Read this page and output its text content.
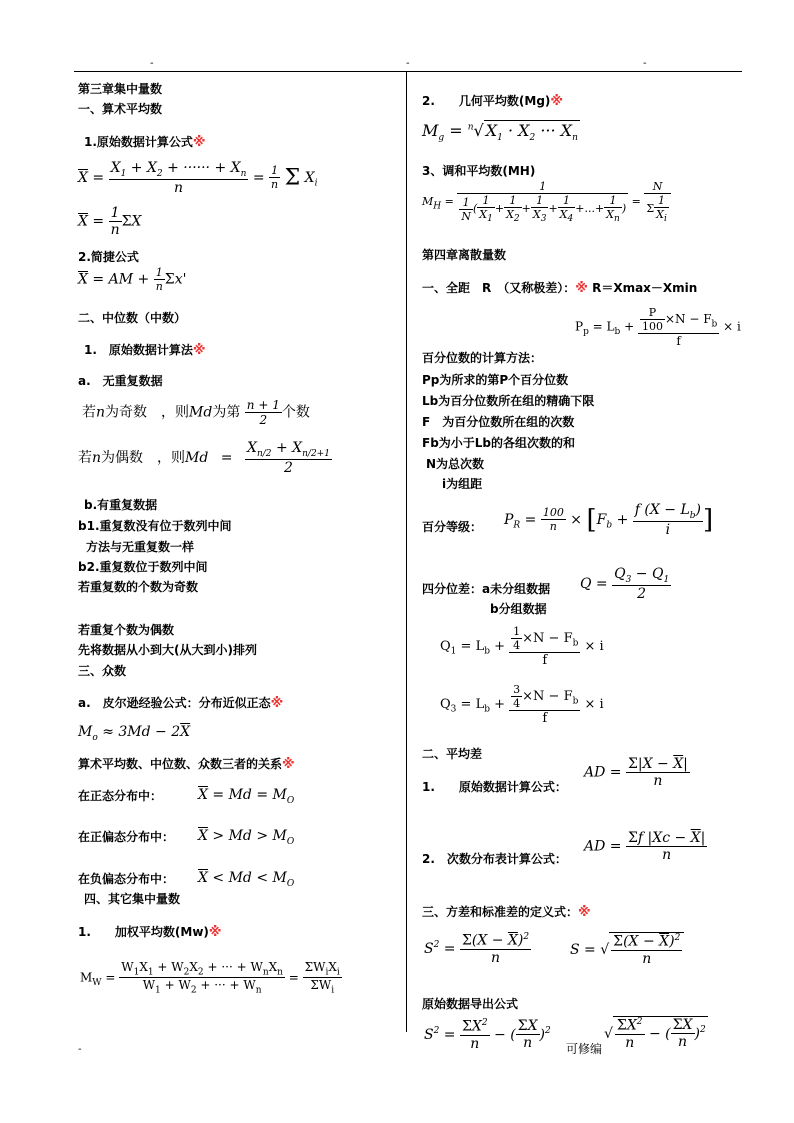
-	-	-
-
第三章集中量数
一、算术平均数
1.原始数据计算公式※
$\overline{X} = \frac{X_1 + X_2 + \cdot\cdot\cdot\cdot\cdot\cdot + X_n}{n} = \frac{1}{n}$ Σ $X_i$
$\overline{X} = \frac{1}{n}$ ΣX
2.简捷公式
$\overline{X}$ = AM + $\frac{1}{n} \Sigma x'$
二、中位数（中数）
1.　原始数据计算法※
a.　无重复数据
若n为奇数　，则Md为第 $\frac{n + 1}{2}$ 个数
若n为偶数　，则$Md = \frac{X_{n/2} + X_{n/2+1}}{2}$
b.有重复数据
b1.重复数没有位于数列中间
方法与无重复数一样
b2.重复数位于数列中间
若重复数的个数为奇数
若重复个数为偶数
先将数据从小到大(从大到小)排列
三、众数
a.　皮尔逊经验公式：分布近似正态※
$M_o \approx 3Md - 2\overline{X}$
算术平均数、中位数、众数三者的关系※
在正态分布中：	$\overline{X} = Md = M_O$
在正偏态分布中： $\overline{X} > Md > M_O$
在负偏态分布中： $\overline{X} < Md < M_O$
四、其它集中量数
1.　　加权平均数(Mw)※
$M_W = \frac{W_1X_1 + W_2X_2 + \cdot\cdot\cdot + W_nX_n}{W_1 + W_2 + \cdot\cdot\cdot + W_n} = \frac{\Sigma W_iX_i}{\Sigma W_i}$
2.　　几何平均数(Mg)※
$M_g = ^n√$ $X_1 \cdot X_2$ ··· $X_n$
3、调和平均数(MH)
$M_H = \frac{1}{\frac{1}{N} ( \frac{1}{X_1} + \frac{1}{X_2} + \frac{1}{X_3} + \frac{1}{X_4} +...+ \frac{1}{X_n} )} = \frac{N}{\Sigma \frac{1}{X_i}}$
第四章离散量数
一、全距　R　（又称极差）：※ R＝Xmax－Xmin
$P_p = L_b + \frac{\frac{P}{100} \times N - F_b}{f} \times i$
百分位数的计算方法：
Pp为所求的第P个百分位数
Lb为百分位数所在组的精确下限
F　为百分位数所在组的次数
Fb为小于Lb的各组次数的和
N为总次数
i为组距
百分等级： $P_R = \frac{100}{n} \times [F_b + \frac{f (X - L_b)}{i}$ ]
四分位差：a未分组数据 $Q = \frac{Q_3 - Q_1}{2}$
b分组数据
$Q_1 = L_b + \frac{\frac{1}{4} \times N - F_b}{f} \times i$
$Q_3 = L_b + \frac{\frac{3}{4} \times N - F_b}{f} \times i$
二、平均差
1.　　原始数据计算公式：
AD = $\frac{\Sigma|X - \overline{X}|}{n}$
2.　次数分布表计算公式：
AD = $\frac{\Sigma f |Xc - \overline{X}|}{n}$
三、方差和标准差的定义式：※
$S^2 = \frac{\Sigma(X - \overline{X})^2}{n}$	S = √ $\frac{\Sigma(X - \overline{X})^2}{n}$
原始数据导出公式
$S^2 = \frac{\Sigma X^2}{n}$ − ( $\frac{\Sigma X}{n} )^2$
可修编
√ $\frac{\Sigma X^2}{n}$ − ( $\frac{\Sigma X}{n} )^2$
